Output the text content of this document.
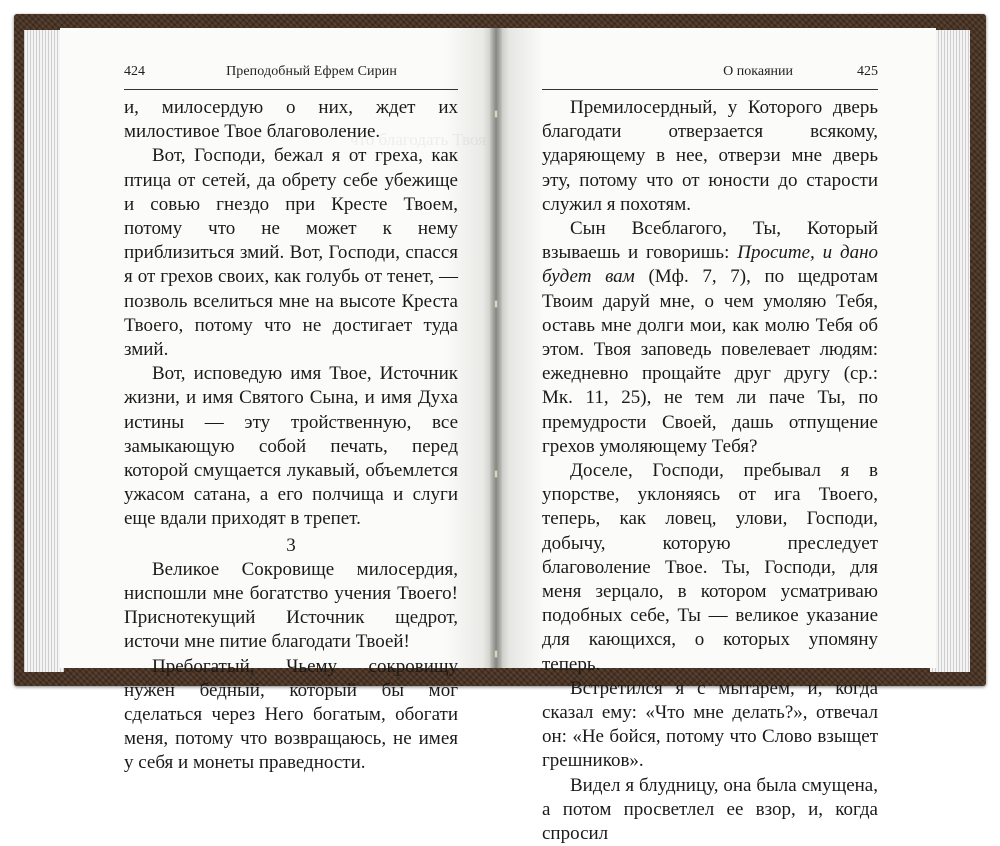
что благодать Твоя
424	Преподобный Ефрем Сирин

и, милосердую о них, ждет их милостивое Твое благоволение.

Вот, Господи, бежал я от греха, как птица от сетей, да обрету себе убежище и совью гнездо при Кресте Твоем, потому что не может к нему приблизиться змий. Вот, Господи, спасся я от грехов своих, как голубь от тенет, — позволь вселиться мне на высоте Креста Твоего, потому что не достигает туда змий.

Вот, исповедую имя Твое, Источник жизни, и имя Святого Сына, и имя Духа истины — эту тройственную, все замыкающую собой печать, перед которой смущается лукавый, объемлется ужасом сатана, а его полчища и слуги еще вдали приходят в трепет.

3

Великое Сокровище милосердия, ниспошли мне богатство учения Твоего! Приснотекущий Источник щедрот, источи мне питие благодати Твоей!

Пребогатый, Чьему сокровищу нужен бедный, который бы мог сделаться через Него богатым, обогати меня, потому что возвращаюсь, не имея у себя и монеты праведности.

О покаянии	425

Премилосердный, у Которого дверь благодати отверзается всякому, ударяющему в нее, отверзи мне дверь эту, потому что от юности до старости служил я похотям.

Сын Всеблагого, Ты, Который взываешь и говоришь: Просите, и дано будет вам (Мф. 7, 7), по щедротам Твоим даруй мне, о чем умоляю Тебя, оставь мне долги мои, как молю Тебя об этом. Твоя заповедь повелевает людям: ежедневно прощайте друг другу (ср.: Мк. 11, 25), не тем ли паче Ты, по премудрости Своей, дашь отпущение грехов умоляющему Тебя?

Доселе, Господи, пребывал я в упорстве, уклоняясь от ига Твоего, теперь, как ловец, улови, Господи, добычу, которую преследует благоволение Твое. Ты, Господи, для меня зерцало, в котором усматриваю подобных себе, Ты — великое указание для кающихся, о которых упомяну теперь.

Встретился я с мытарем, и, когда сказал ему: «Что мне делать?», отвечал он: «Не бойся, потому что Слово взыщет грешников».

Видел я блудницу, она была смущена, а потом просветлел ее взор, и, когда спросил
